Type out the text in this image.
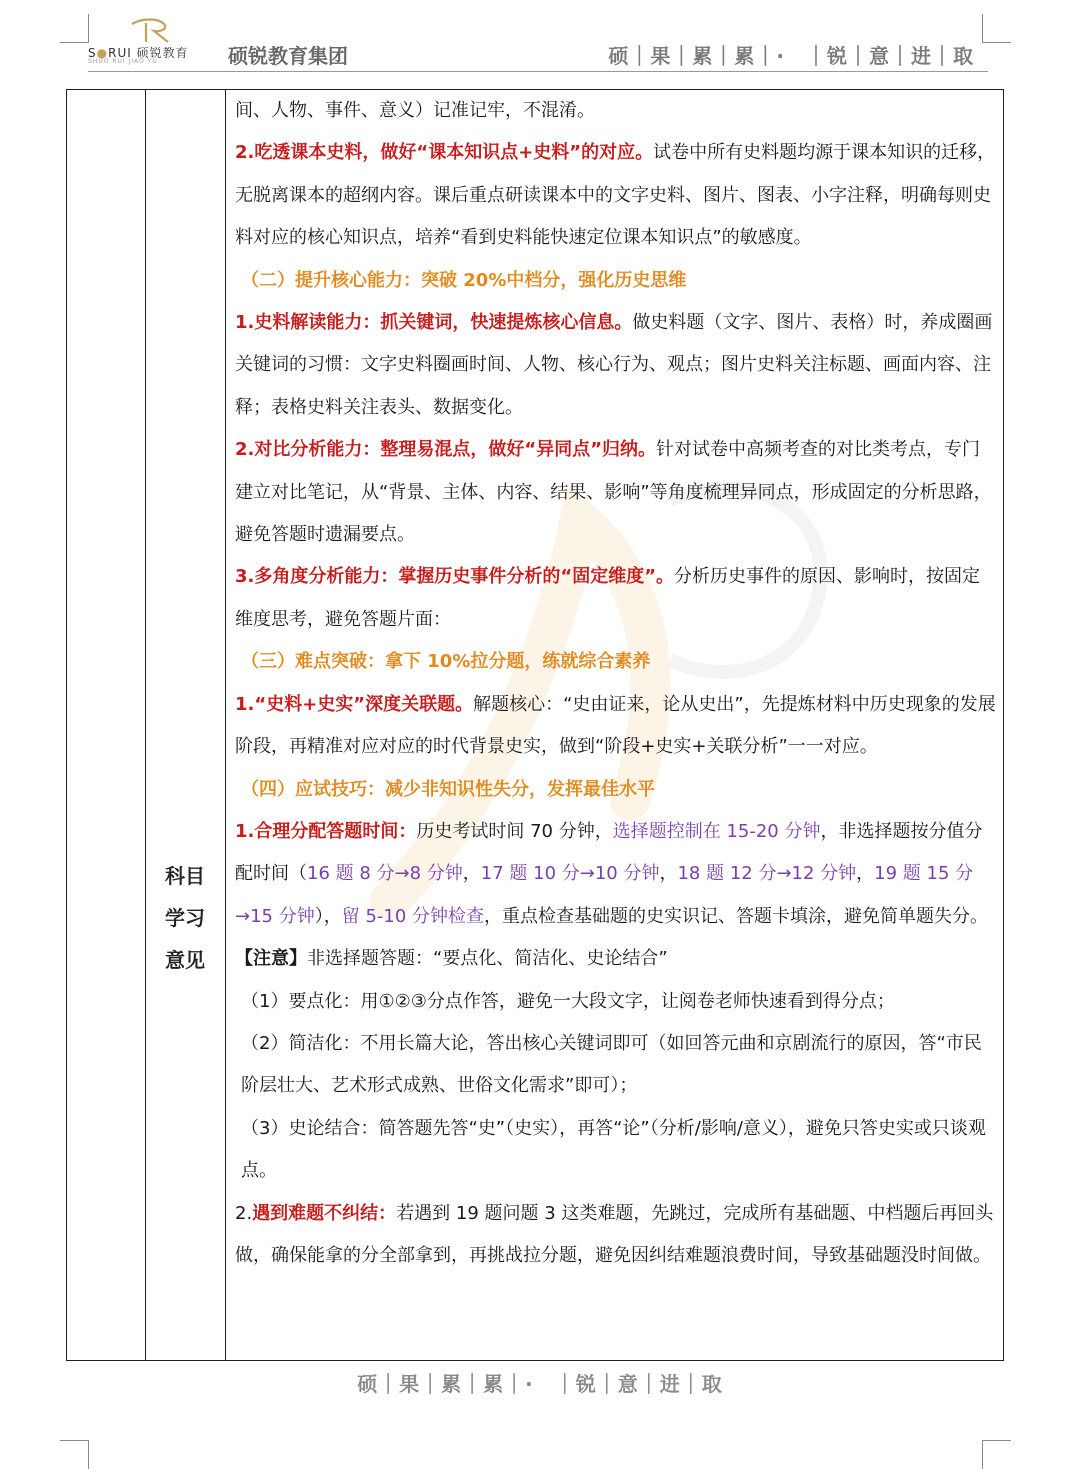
S●RUI 硕锐教育
SHUO RUI JIAO YU	硕锐教育集团	硕｜果｜累｜累｜·　｜锐｜意｜进｜取
科目
学习
意见

间、人物、事件、意义）记准记牢，不混淆。

2.吃透课本史料，做好“课本知识点+史料”的对应。试卷中所有史料题均源于课本知识的迁移，无脱离课本的超纲内容。课后重点研读课本中的文字史料、图片、图表、小字注释，明确每则史料对应的核心知识点，培养“看到史料能快速定位课本知识点”的敏感度。

（二）提升核心能力：突破 20%中档分，强化历史思维

1.史料解读能力：抓关键词，快速提炼核心信息。做史料题（文字、图片、表格）时，养成圈画关键词的习惯：文字史料圈画时间、人物、核心行为、观点；图片史料关注标题、画面内容、注释；表格史料关注表头、数据变化。

2.对比分析能力：整理易混点，做好“异同点”归纳。针对试卷中高频考查的对比类考点，专门建立对比笔记，从“背景、主体、内容、结果、影响”等角度梳理异同点，形成固定的分析思路，避免答题时遗漏要点。

3.多角度分析能力：掌握历史事件分析的“固定维度”。分析历史事件的原因、影响时，按固定维度思考，避免答题片面：

（三）难点突破：拿下 10%拉分题，练就综合素养

1.“史料+史实”深度关联题。解题核心：“史由证来，论从史出”，先提炼材料中历史现象的发展阶段，再精准对应对应的时代背景史实，做到“阶段+史实+关联分析”一一对应。

（四）应试技巧：减少非知识性失分，发挥最佳水平

1.合理分配答题时间：历史考试时间 70 分钟，选择题控制在 15-20 分钟，非选择题按分值分配时间（16 题 8 分→8 分钟，17 题 10 分→10 分钟，18 题 12 分→12 分钟，19 题 15 分→15 分钟），留 5-10 分钟检查，重点检查基础题的史实识记、答题卡填涂，避免简单题失分。

【注意】非选择题答题：“要点化、简洁化、史论结合”

（1）要点化：用①②③分点作答，避免一大段文字，让阅卷老师快速看到得分点；

（2）简洁化：不用长篇大论，答出核心关键词即可（如回答元曲和京剧流行的原因，答“市民阶层壮大、艺术形式成熟、世俗文化需求”即可）；

（3）史论结合：简答题先答“史”（史实），再答“论”（分析/影响/意义），避免只答史实或只谈观点。

2.遇到难题不纠结：若遇到 19 题问题 3 这类难题，先跳过，完成所有基础题、中档题后再回头做，确保能拿的分全部拿到，再挑战拉分题，避免因纠结难题浪费时间，导致基础题没时间做。

硕｜果｜累｜累｜·　｜锐｜意｜进｜取
